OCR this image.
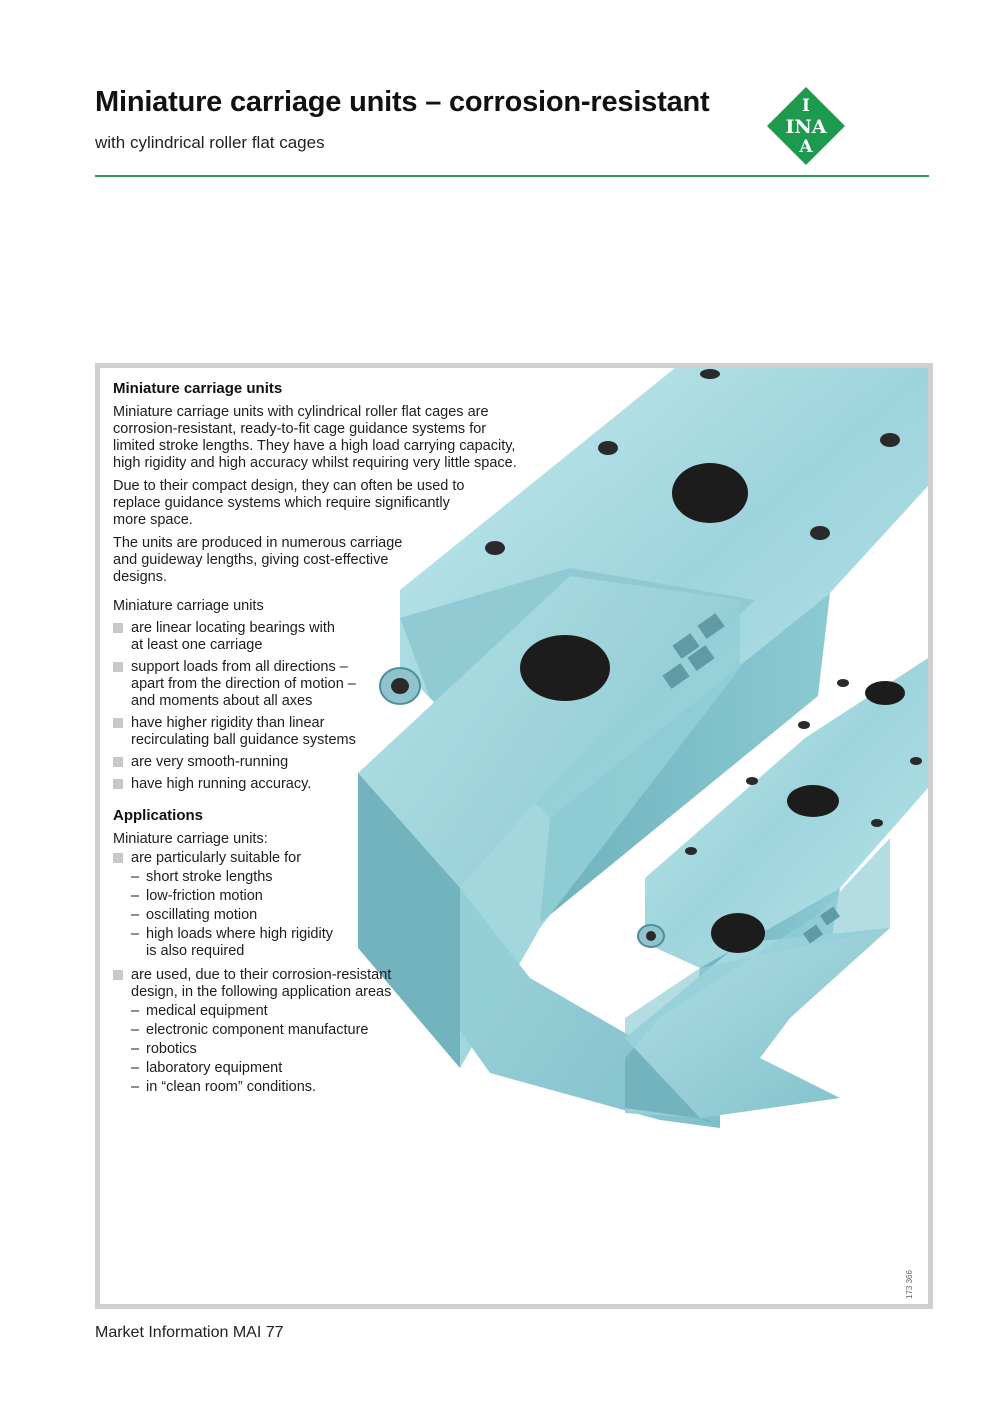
Miniature carriage units – corrosion-resistant

with cylindrical roller flat cages

I
INA
A
Miniature carriage units

Miniature carriage units with cylindrical roller flat cages are corrosion-resistant, ready-to-fit cage guidance systems for limited stroke lengths. They have a high load carrying capacity, high rigidity and high accuracy whilst requiring very little space.

Due to their compact design, they can often be used to replace guidance systems which require significantly more space.

The units are produced in numerous carriage and guideway lengths, giving cost-effective designs.

Miniature carriage units

are linear locating bearings with at least one carriage
support loads from all directions – apart from the direction of motion – and moments about all axes
have higher rigidity than linear recirculating ball guidance systems
are very smooth-running
have high running accuracy.
Applications

Miniature carriage units:

are particularly suitable for
– short stroke lengths
– low-friction motion
– oscillating motion
– high loads where high rigidity is also required
are used, due to their corrosion-resistant design, in the following application areas
– medical equipment
– electronic component manufacture
– robotics
– laboratory equipment
– in “clean room” conditions.
173 366
Market Information MAI 77
